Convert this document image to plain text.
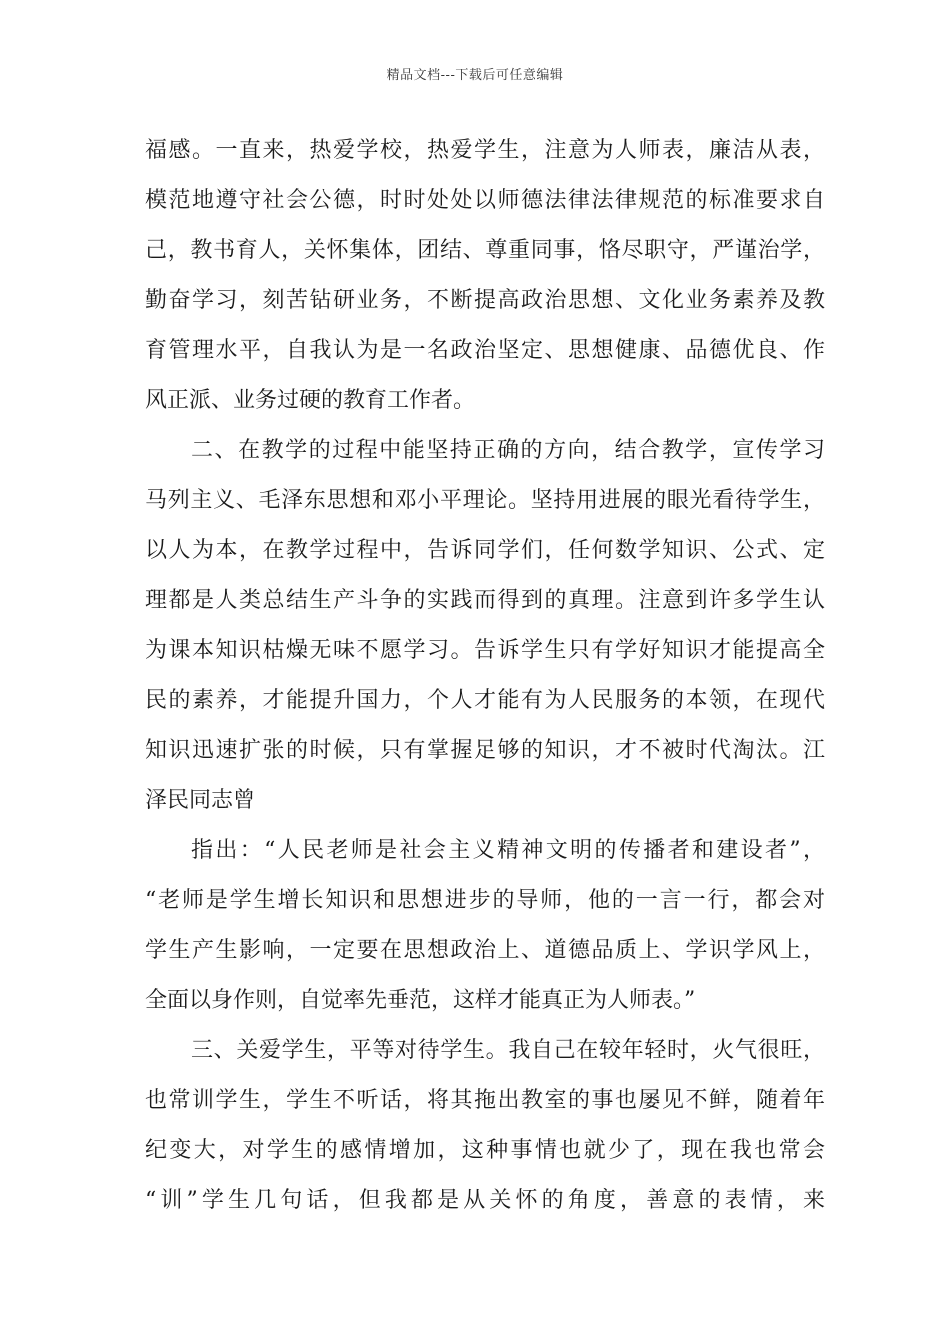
精品文档---下载后可任意编辑
福感。一直来，热爱学校，热爱学生，注意为人师表，廉洁从表，
模范地遵守社会公德，时时处处以师德法律法律规范的标准要求自
己，教书育人，关怀集体，团结、尊重同事，恪尽职守，严谨治学，
勤奋学习，刻苦钻研业务，不断提高政治思想、文化业务素养及教
育管理水平，自我认为是一名政治坚定、思想健康、品德优良、作
风正派、业务过硬的教育工作者。
二、在教学的过程中能坚持正确的方向，结合教学，宣传学习
马列主义、毛泽东思想和邓小平理论。坚持用进展的眼光看待学生，
以人为本，在教学过程中，告诉同学们，任何数学知识、公式、定
理都是人类总结生产斗争的实践而得到的真理。注意到许多学生认
为课本知识枯燥无味不愿学习。告诉学生只有学好知识才能提高全
民的素养，才能提升国力，个人才能有为人民服务的本领，在现代
知识迅速扩张的时候，只有掌握足够的知识，才不被时代淘汰。江
泽民同志曾
指出：“人民老师是社会主义精神文明的传播者和建设者”，
“老师是学生增长知识和思想进步的导师，他的一言一行，都会对
学生产生影响，一定要在思想政治上、道德品质上、学识学风上，
全面以身作则，自觉率先垂范，这样才能真正为人师表。”
三、关爱学生，平等对待学生。我自己在较年轻时，火气很旺，
也常训学生，学生不听话，将其拖出教室的事也屡见不鲜，随着年
纪变大，对学生的感情增加，这种事情也就少了，现在我也常会
“训”学生几句话，但我都是从关怀的角度，善意的表情，来
